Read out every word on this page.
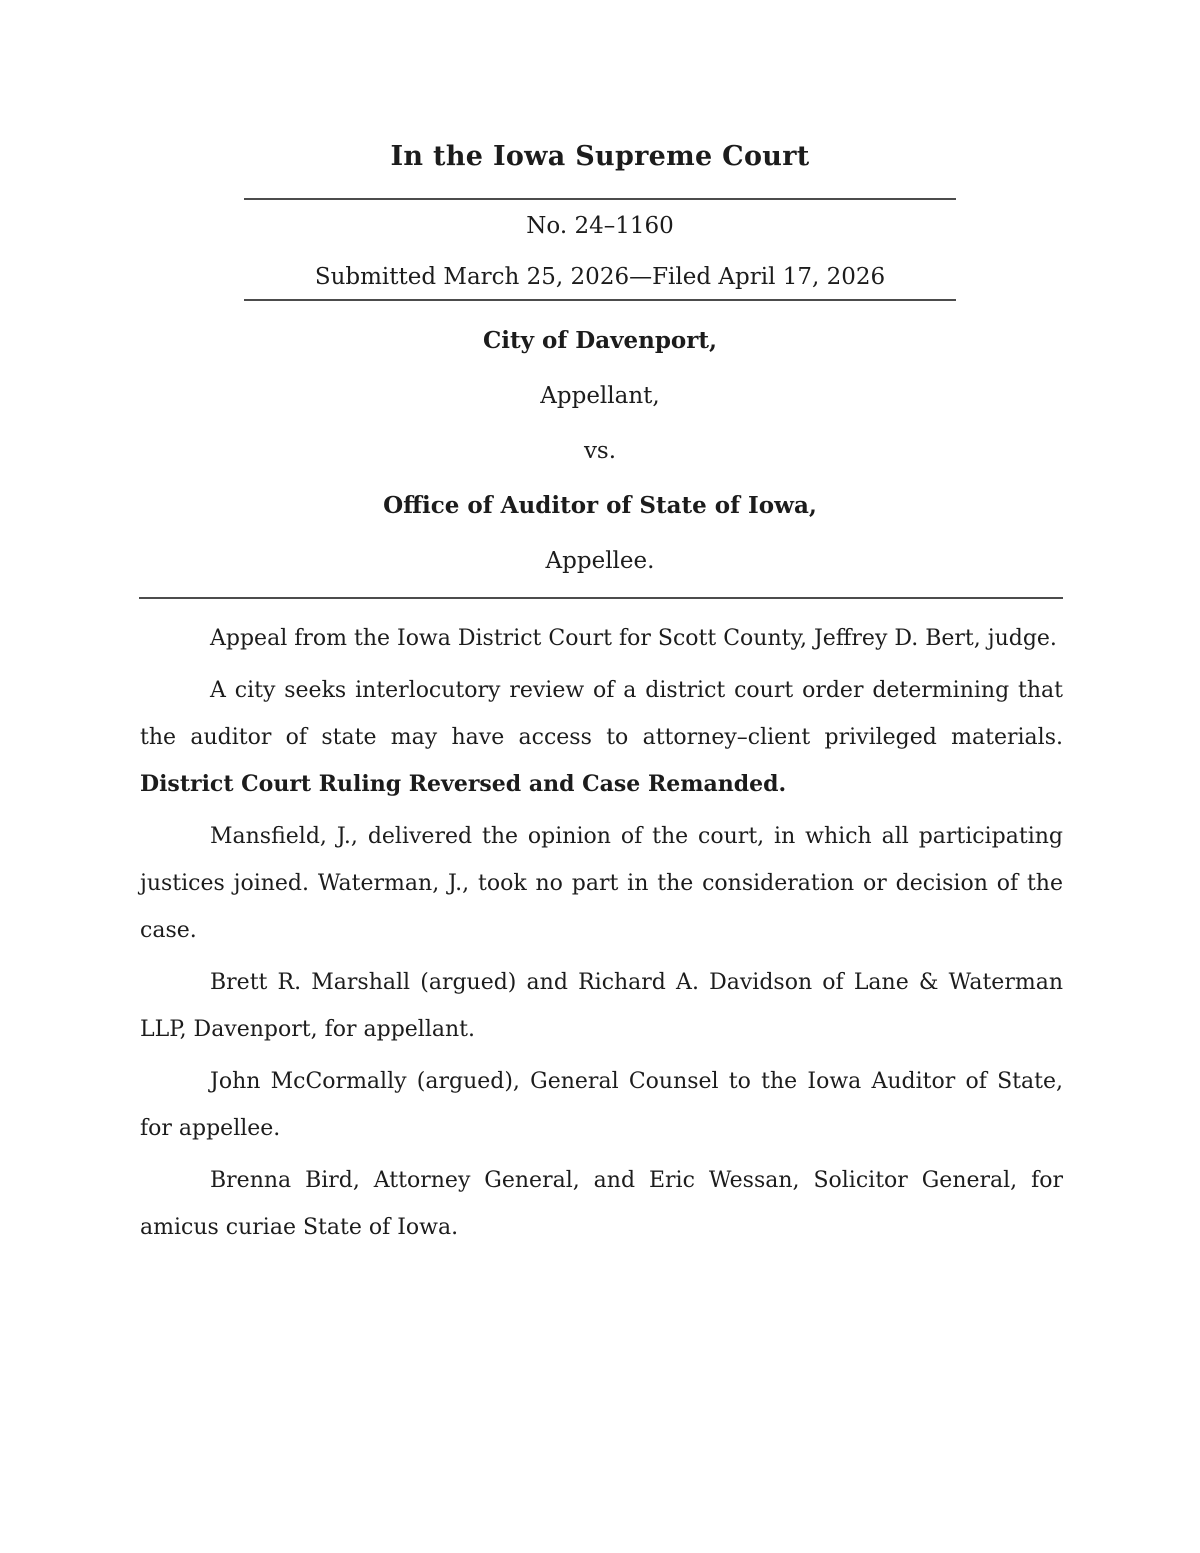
In the Iowa Supreme Court

No. 24–1160

Submitted March 25, 2026—Filed April 17, 2026

City of Davenport,

Appellant,

vs.

Office of Auditor of State of Iowa,

Appellee.

Appeal from the Iowa District Court for Scott County, Jeffrey D. Bert, judge.

A city seeks interlocutory review of a district court order determining that the auditor of state may have access to attorney–client privileged materials. District Court Ruling Reversed and Case Remanded.

Mansfield, J., delivered the opinion of the court, in which all participating justices joined. Waterman, J., took no part in the consideration or decision of the case.

Brett R. Marshall (argued) and Richard A. Davidson of Lane & Waterman LLP, Davenport, for appellant.

John McCormally (argued), General Counsel to the Iowa Auditor of State, for appellee.

Brenna Bird, Attorney General, and Eric Wessan, Solicitor General, for amicus curiae State of Iowa.
